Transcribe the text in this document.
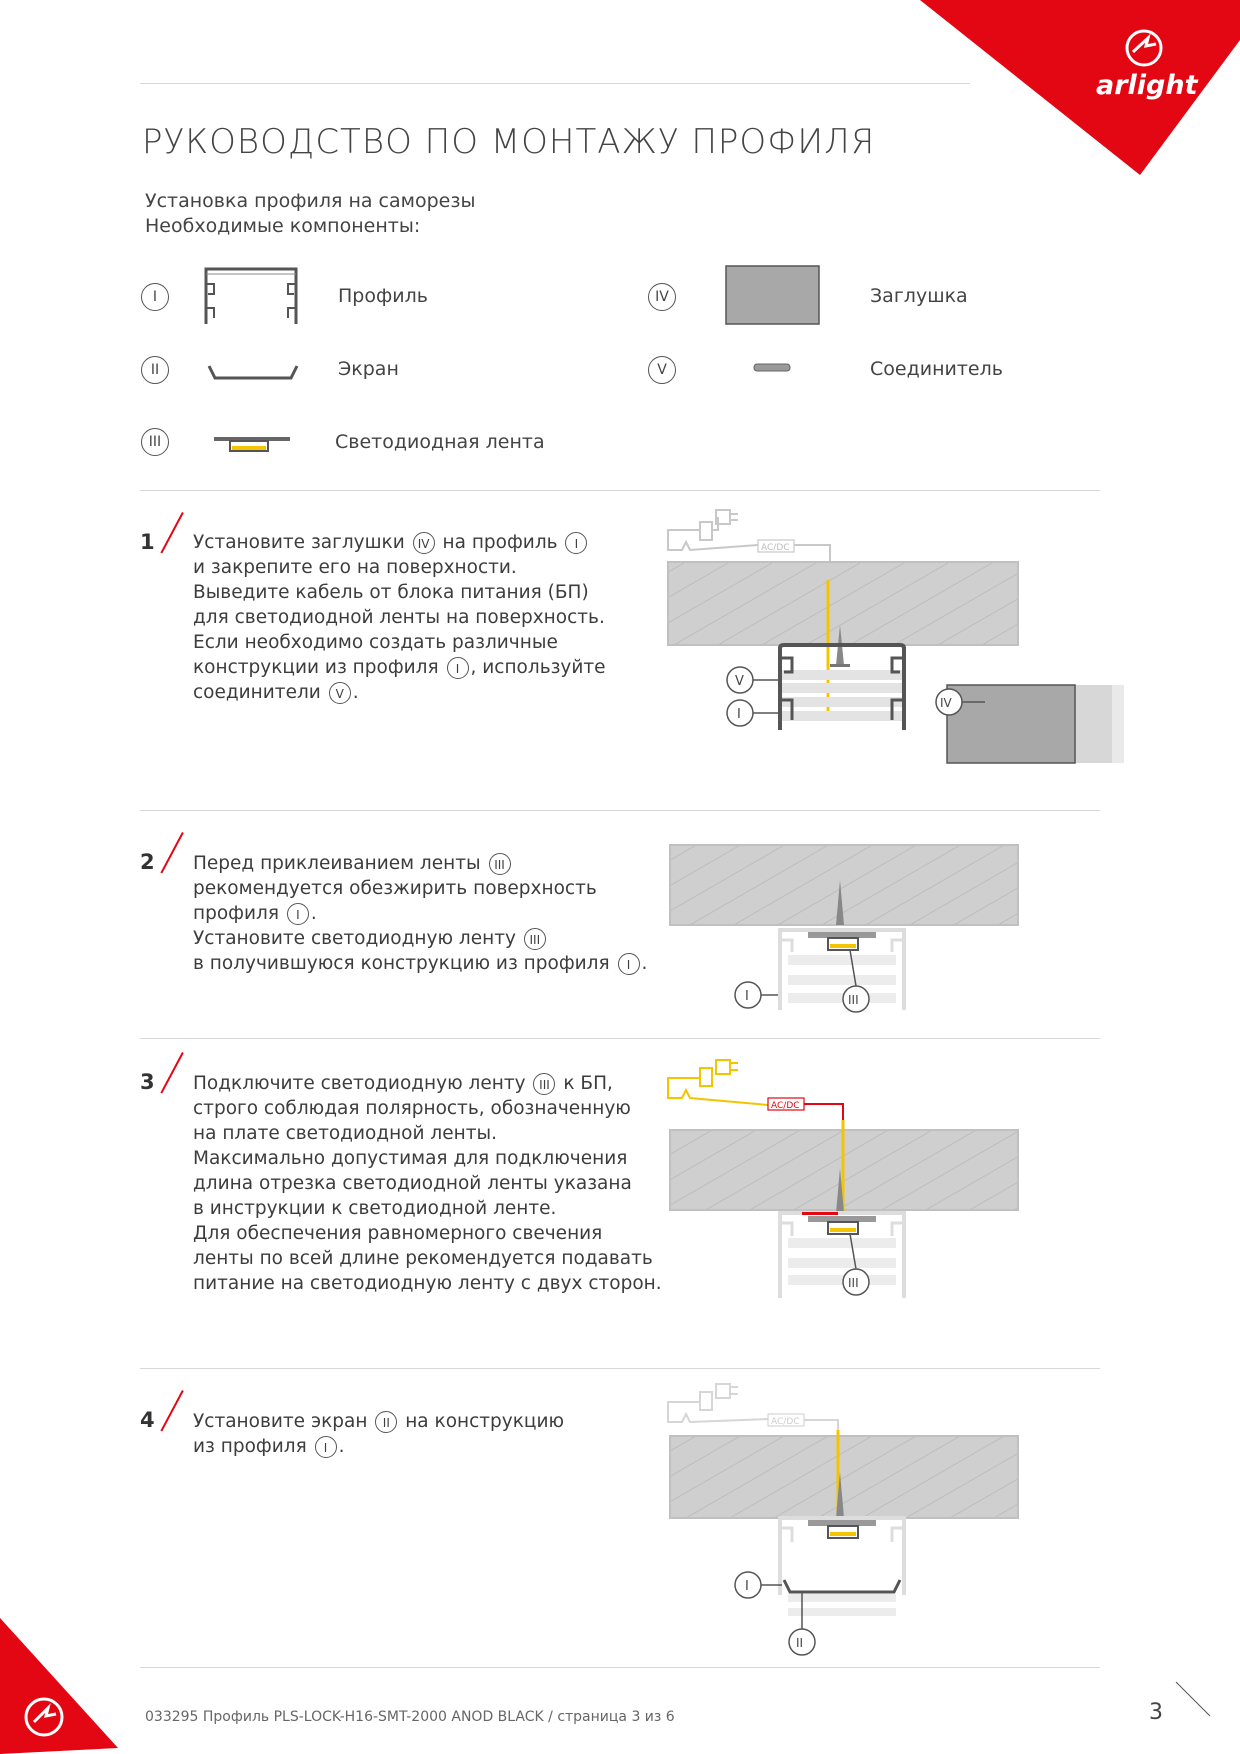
arlight
РУКОВОДСТВО ПО МОНТАЖУ ПРОФИЛЯ
Установка профиля на саморезы
Необходимые компоненты:
I	Профиль
II	Экран
III	Светодиодная лента
IV	Заглушка
V	Соединитель
1 Установите заглушки IV на профиль I
и закрепите его на поверхности.
Выведите кабель от блока питания (БП)
для светодиодной ленты на поверхность.
Если необходимо создать различные
конструкции из профиля I , используйте
соединители V .
AC/DC
V
I
IV
2 Перед приклеиванием ленты III
рекомендуется обезжирить поверхность
профиля I .
Установите светодиодную ленту III
в получившуюся конструкцию из профиля I .
I	III
3 Подключите светодиодную ленту III к БП,
строго соблюдая полярность, обозначенную
на плате светодиодной ленты.
Максимально допустимая для подключения
длина отрезка светодиодной ленты указана
в инструкции к светодиодной ленте.
Для обеспечения равномерного свечения
ленты по всей длине рекомендуется подавать
питание на светодиодную ленту с двух сторон.
AC/DC
III
4 Установите экран II на конструкцию
из профиля I .
AC/DC
I
II
033295 Профиль PLS-LOCK-H16-SMT-2000 ANOD BLACK / страница 3 из 6	3
